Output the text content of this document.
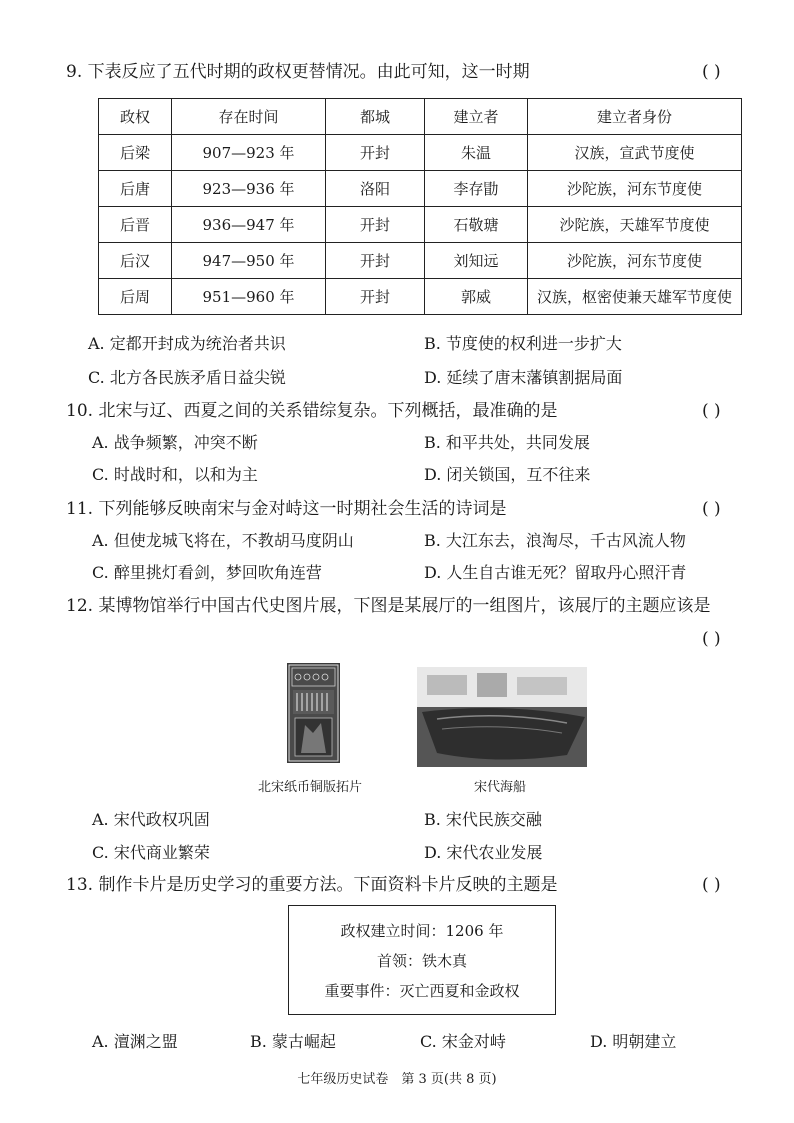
9. 下表反应了五代时期的政权更替情况。由此可知，这一时期	( )
政权	存在时间	都城	建立者	建立者身份
后梁	907—923 年	开封	朱温	汉族，宣武节度使
后唐	923—936 年	洛阳	李存勖	沙陀族，河东节度使
后晋	936—947 年	开封	石敬瑭	沙陀族，天雄军节度使
后汉	947—950 年	开封	刘知远	沙陀族，河东节度使
后周	951—960 年	开封	郭威	汉族，枢密使兼天雄军节度使
A. 定都开封成为统治者共识	B. 节度使的权利进一步扩大
C. 北方各民族矛盾日益尖锐	D. 延续了唐末藩镇割据局面
10. 北宋与辽、西夏之间的关系错综复杂。下列概括，最准确的是	( )
A. 战争频繁，冲突不断	B. 和平共处，共同发展
C. 时战时和，以和为主	D. 闭关锁国，互不往来
11. 下列能够反映南宋与金对峙这一时期社会生活的诗词是	( )
A. 但使龙城飞将在，不教胡马度阴山	B. 大江东去，浪淘尽，千古风流人物
C. 醉里挑灯看剑，梦回吹角连营	D. 人生自古谁无死？留取丹心照汗青
12. 某博物馆举行中国古代史图片展，下图是某展厅的一组图片，该展厅的主题应该是
( )
北宋纸币铜版拓片	宋代海船
A. 宋代政权巩固	B. 宋代民族交融
C. 宋代商业繁荣	D. 宋代农业发展
13. 制作卡片是历史学习的重要方法。下面资料卡片反映的主题是	( )
政权建立时间：1206 年
首领：铁木真
重要事件：灭亡西夏和金政权
A. 澶渊之盟	B. 蒙古崛起	C. 宋金对峙	D. 明朝建立
七年级历史试卷　第 3 页(共 8 页)
